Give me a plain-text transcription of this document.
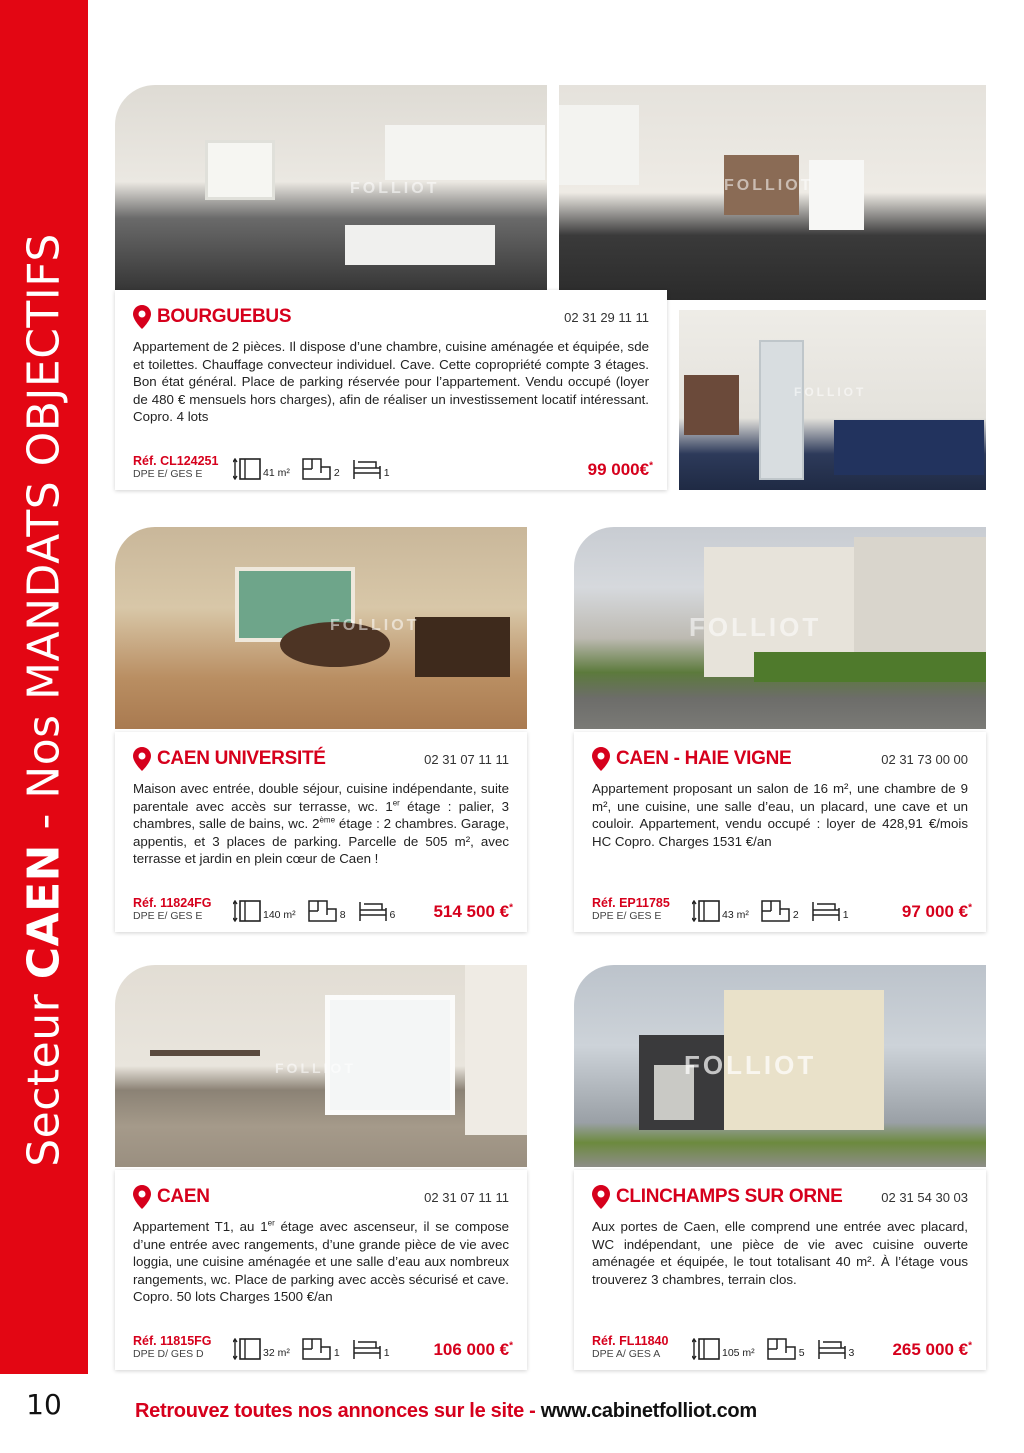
Secteur CAEN - Nos MANDATS OBJECTIFS
10
FOLLIOT	FOLLIOT
FOLLIOT
BOURGUEBUS	02 31 29 11 11

Appartement de 2 pièces. Il dispose d’une chambre, cuisine aménagée et équipée, sde et toilettes. Chauffage convecteur individuel. Cave. Cette copropriété compte 3 étages. Bon état général. Place de parking réservée pour l’appartement. Vendu occupé (loyer de 480 € mensuels hors charges), afin de réaliser un investissement locatif intéressant. Copro. 4 lots

Réf. CL124251
DPE E/ GES E	41 m²	2	1	99 000€*
FOLLIOT
CAEN UNIVERSITÉ	02 31 07 11 11

Maison avec entrée, double séjour, cuisine indépendante, suite parentale avec accès sur terrasse, wc. 1er étage : palier, 3 chambres, salle de bains, wc. 2ème étage : 2 chambres. Garage, appentis, et 3 places de parking. Parcelle de 505 m², avec terrasse et jardin en plein cœur de Caen !

Réf. 11824FG
DPE E/ GES E	140 m²	8	6 514 500 €*
FOLLIOT
CAEN - HAIE VIGNE	02 31 73 00 00

Appartement proposant un salon de 16 m², une chambre de 9 m², une cuisine, une salle d’eau, un placard, une cave et un couloir. Appartement, vendu occupé : loyer de 428,91 €/mois HC Copro. Charges 1531 €/an

Réf. EP11785
DPE E/ GES E	43 m²	2	1	97 000 €*
FOLLIOT
CAEN	02 31 07 11 11

Appartement T1, au 1er étage avec ascenseur, il se compose d’une entrée avec rangements, d’une grande pièce de vie avec loggia, une cuisine aménagée et une salle d’eau aux nombreux rangements, wc. Place de parking avec accès sécurisé et cave. Copro. 50 lots Charges 1500 €/an

Réf. 11815FG
DPE D/ GES D	32 m²	1	1	106 000 €*
FOLLIOT
CLINCHAMPS SUR ORNE	02 31 54 30 03

Aux portes de Caen, elle comprend une entrée avec placard, WC indépendant, une pièce de vie avec cuisine ouverte aménagée et équipée, le tout totalisant 40 m². À l’étage vous trouverez 3 chambres, terrain clos.

Réf. FL11840
DPE A/ GES A	105 m²	5	3 265 000 €*
Retrouvez toutes nos annonces sur le site - www.cabinetfolliot.com
